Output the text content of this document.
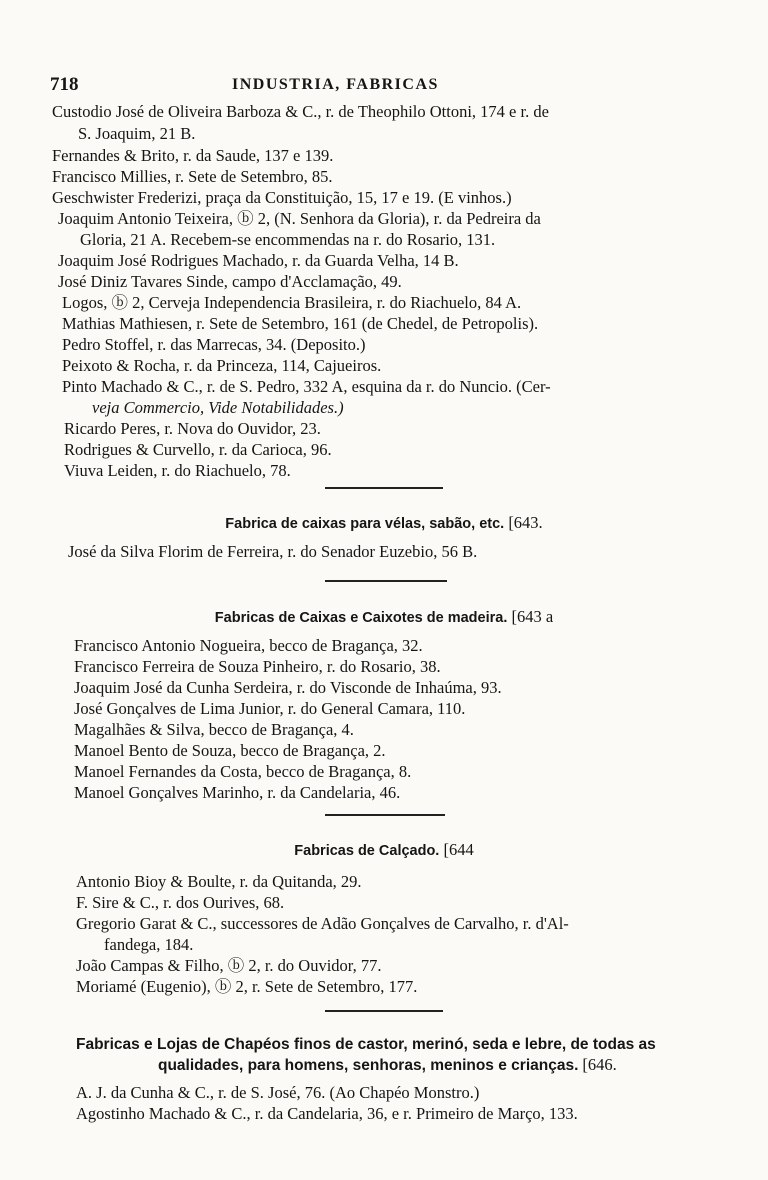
718	INDUSTRIA, FABRICAS
Custodio José de Oliveira Barboza & C., r. de Theophilo Ottoni, 174 e r. de
S. Joaquim, 21 B.
Fernandes & Brito, r. da Saude, 137 e 139.
Francisco Millies, r. Sete de Setembro, 85.
Geschwister Frederizi, praça da Constituição, 15, 17 e 19. (E vinhos.)
Joaquim Antonio Teixeira, ⓑ 2, (N. Senhora da Gloria), r. da Pedreira da
Gloria, 21 A. Recebem-se encommendas na r. do Rosario, 131.
Joaquim José Rodrigues Machado, r. da Guarda Velha, 14 B.
José Diniz Tavares Sinde, campo d'Acclamação, 49.
Logos, ⓑ 2, Cerveja Independencia Brasileira, r. do Riachuelo, 84 A.
Mathias Mathiesen, r. Sete de Setembro, 161 (de Chedel, de Petropolis).
Pedro Stoffel, r. das Marrecas, 34. (Deposito.)
Peixoto & Rocha, r. da Princeza, 114, Cajueiros.
Pinto Machado & C., r. de S. Pedro, 332 A, esquina da r. do Nuncio. (Cer-
veja Commercio, Vide Notabilidades.)
Ricardo Peres, r. Nova do Ouvidor, 23.
Rodrigues & Curvello, r. da Carioca, 96.
Viuva Leiden, r. do Riachuelo, 78.
Fabrica de caixas para vélas, sabão, etc. [643.
José da Silva Florim de Ferreira, r. do Senador Euzebio, 56 B.
Fabricas de Caixas e Caixotes de madeira. [643 a
Francisco Antonio Nogueira, becco de Bragança, 32.
Francisco Ferreira de Souza Pinheiro, r. do Rosario, 38.
Joaquim José da Cunha Serdeira, r. do Visconde de Inhaúma, 93.
José Gonçalves de Lima Junior, r. do General Camara, 110.
Magalhães & Silva, becco de Bragança, 4.
Manoel Bento de Souza, becco de Bragança, 2.
Manoel Fernandes da Costa, becco de Bragança, 8.
Manoel Gonçalves Marinho, r. da Candelaria, 46.
Fabricas de Calçado. [644
Antonio Bioy & Boulte, r. da Quitanda, 29.
F. Sire & C., r. dos Ourives, 68.
Gregorio Garat & C., successores de Adão Gonçalves de Carvalho, r. d'Al-
fandega, 184.
João Campas & Filho, ⓑ 2, r. do Ouvidor, 77.
Moriamé (Eugenio), ⓑ 2, r. Sete de Setembro, 177.
Fabricas e Lojas de Chapéos finos de castor, merinó, seda e lebre, de todas as
qualidades, para homens, senhoras, meninos e crianças. [646.
A. J. da Cunha & C., r. de S. José, 76. (Ao Chapéo Monstro.)
Agostinho Machado & C., r. da Candelaria, 36, e r. Primeiro de Março, 133.
